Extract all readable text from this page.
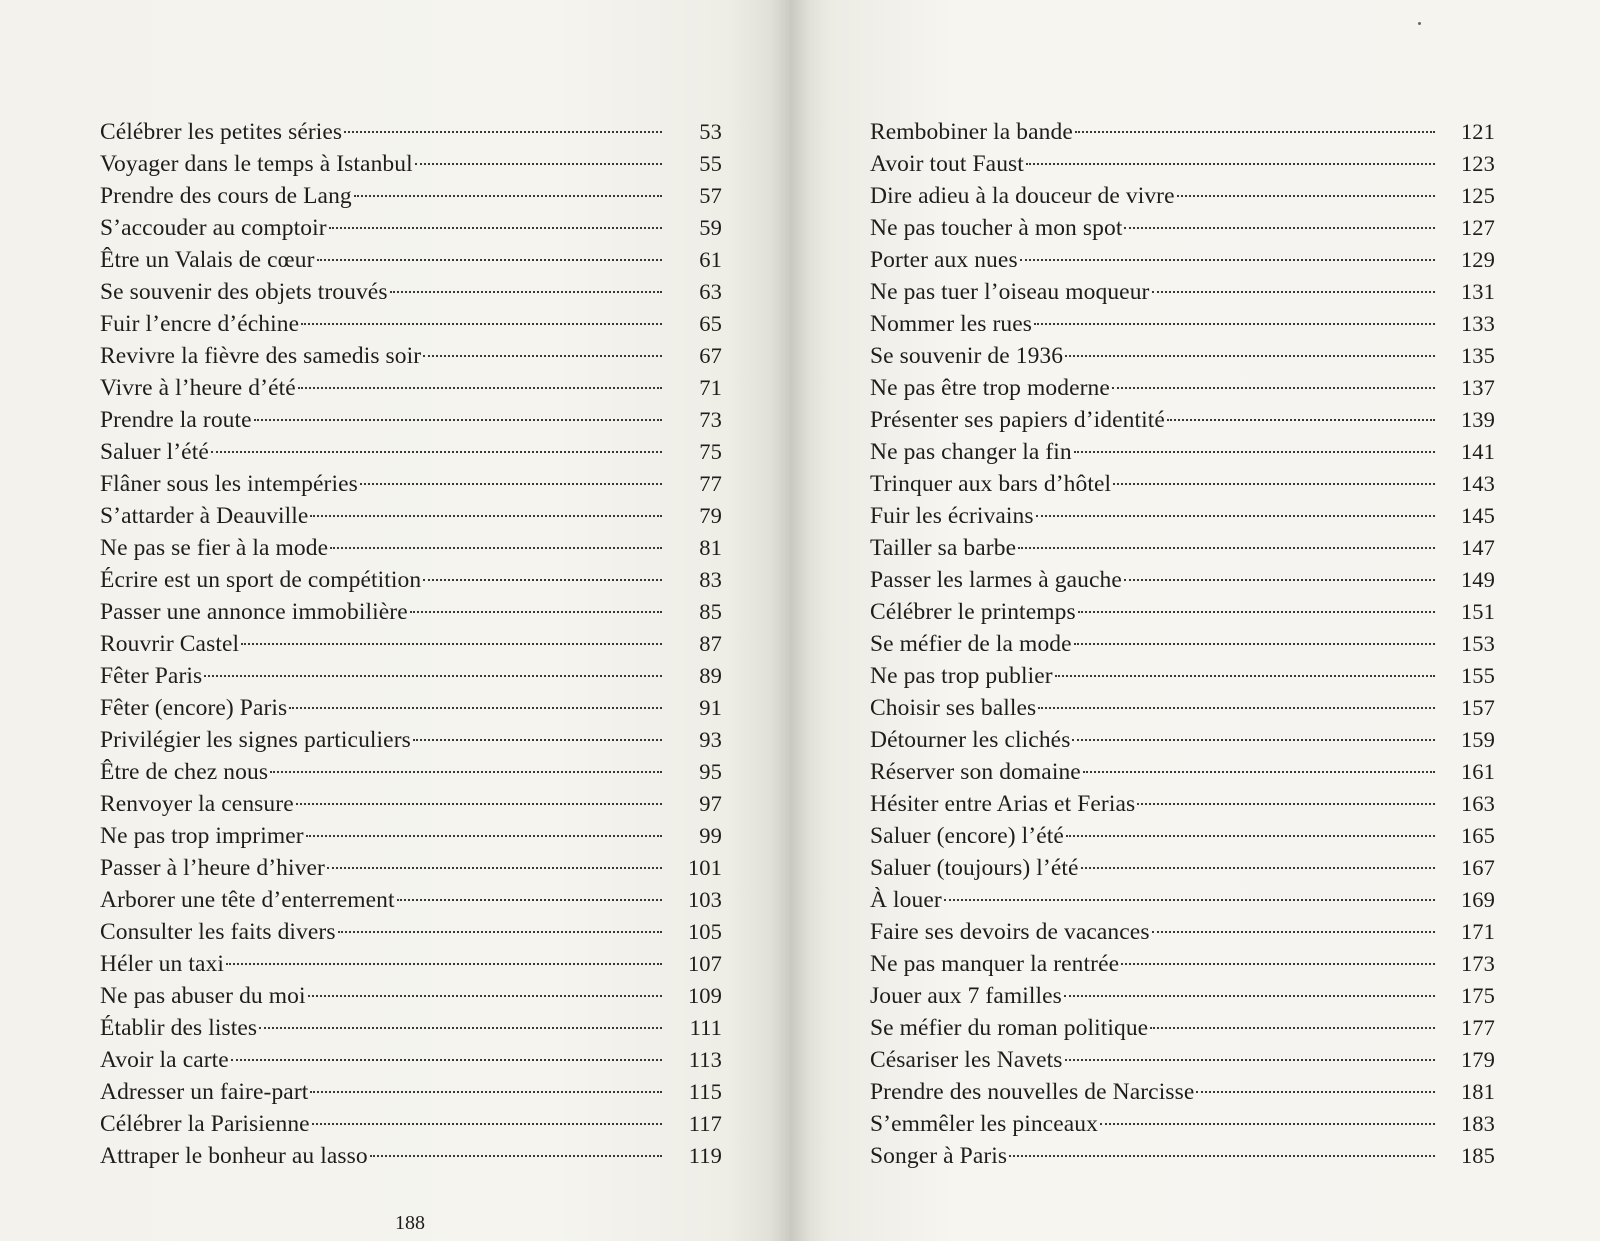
Célébrer les petites séries	53
Voyager dans le temps à Istanbul	55
Prendre des cours de Lang	57
S’accouder au comptoir	59
Être un Valais de cœur	61
Se souvenir des objets trouvés	63
Fuir l’encre d’échine	65
Revivre la fièvre des samedis soir	67
Vivre à l’heure d’été	71
Prendre la route	73
Saluer l’été	75
Flâner sous les intempéries	77
S’attarder à Deauville	79
Ne pas se fier à la mode	81
Écrire est un sport de compétition	83
Passer une annonce immobilière	85
Rouvrir Castel	87
Fêter Paris	89
Fêter (encore) Paris	91
Privilégier les signes particuliers	93
Être de chez nous	95
Renvoyer la censure	97
Ne pas trop imprimer	99
Passer à l’heure d’hiver	101
Arborer une tête d’enterrement	103
Consulter les faits divers	105
Héler un taxi	107
Ne pas abuser du moi	109
Établir des listes	111
Avoir la carte	113
Adresser un faire-part	115
Célébrer la Parisienne	117
Attraper le bonheur au lasso	119
188
Rembobiner la bande	121
Avoir tout Faust	123
Dire adieu à la douceur de vivre	125
Ne pas toucher à mon spot	127
Porter aux nues	129
Ne pas tuer l’oiseau moqueur	131
Nommer les rues	133
Se souvenir de 1936	135
Ne pas être trop moderne	137
Présenter ses papiers d’identité	139
Ne pas changer la fin	141
Trinquer aux bars d’hôtel	143
Fuir les écrivains	145
Tailler sa barbe	147
Passer les larmes à gauche	149
Célébrer le printemps	151
Se méfier de la mode	153
Ne pas trop publier	155
Choisir ses balles	157
Détourner les clichés	159
Réserver son domaine	161
Hésiter entre Arias et Ferias	163
Saluer (encore) l’été	165
Saluer (toujours) l’été	167
À louer	169
Faire ses devoirs de vacances	171
Ne pas manquer la rentrée	173
Jouer aux 7 familles	175
Se méfier du roman politique	177
Césariser les Navets	179
Prendre des nouvelles de Narcisse	181
S’emmêler les pinceaux	183
Songer à Paris	185
